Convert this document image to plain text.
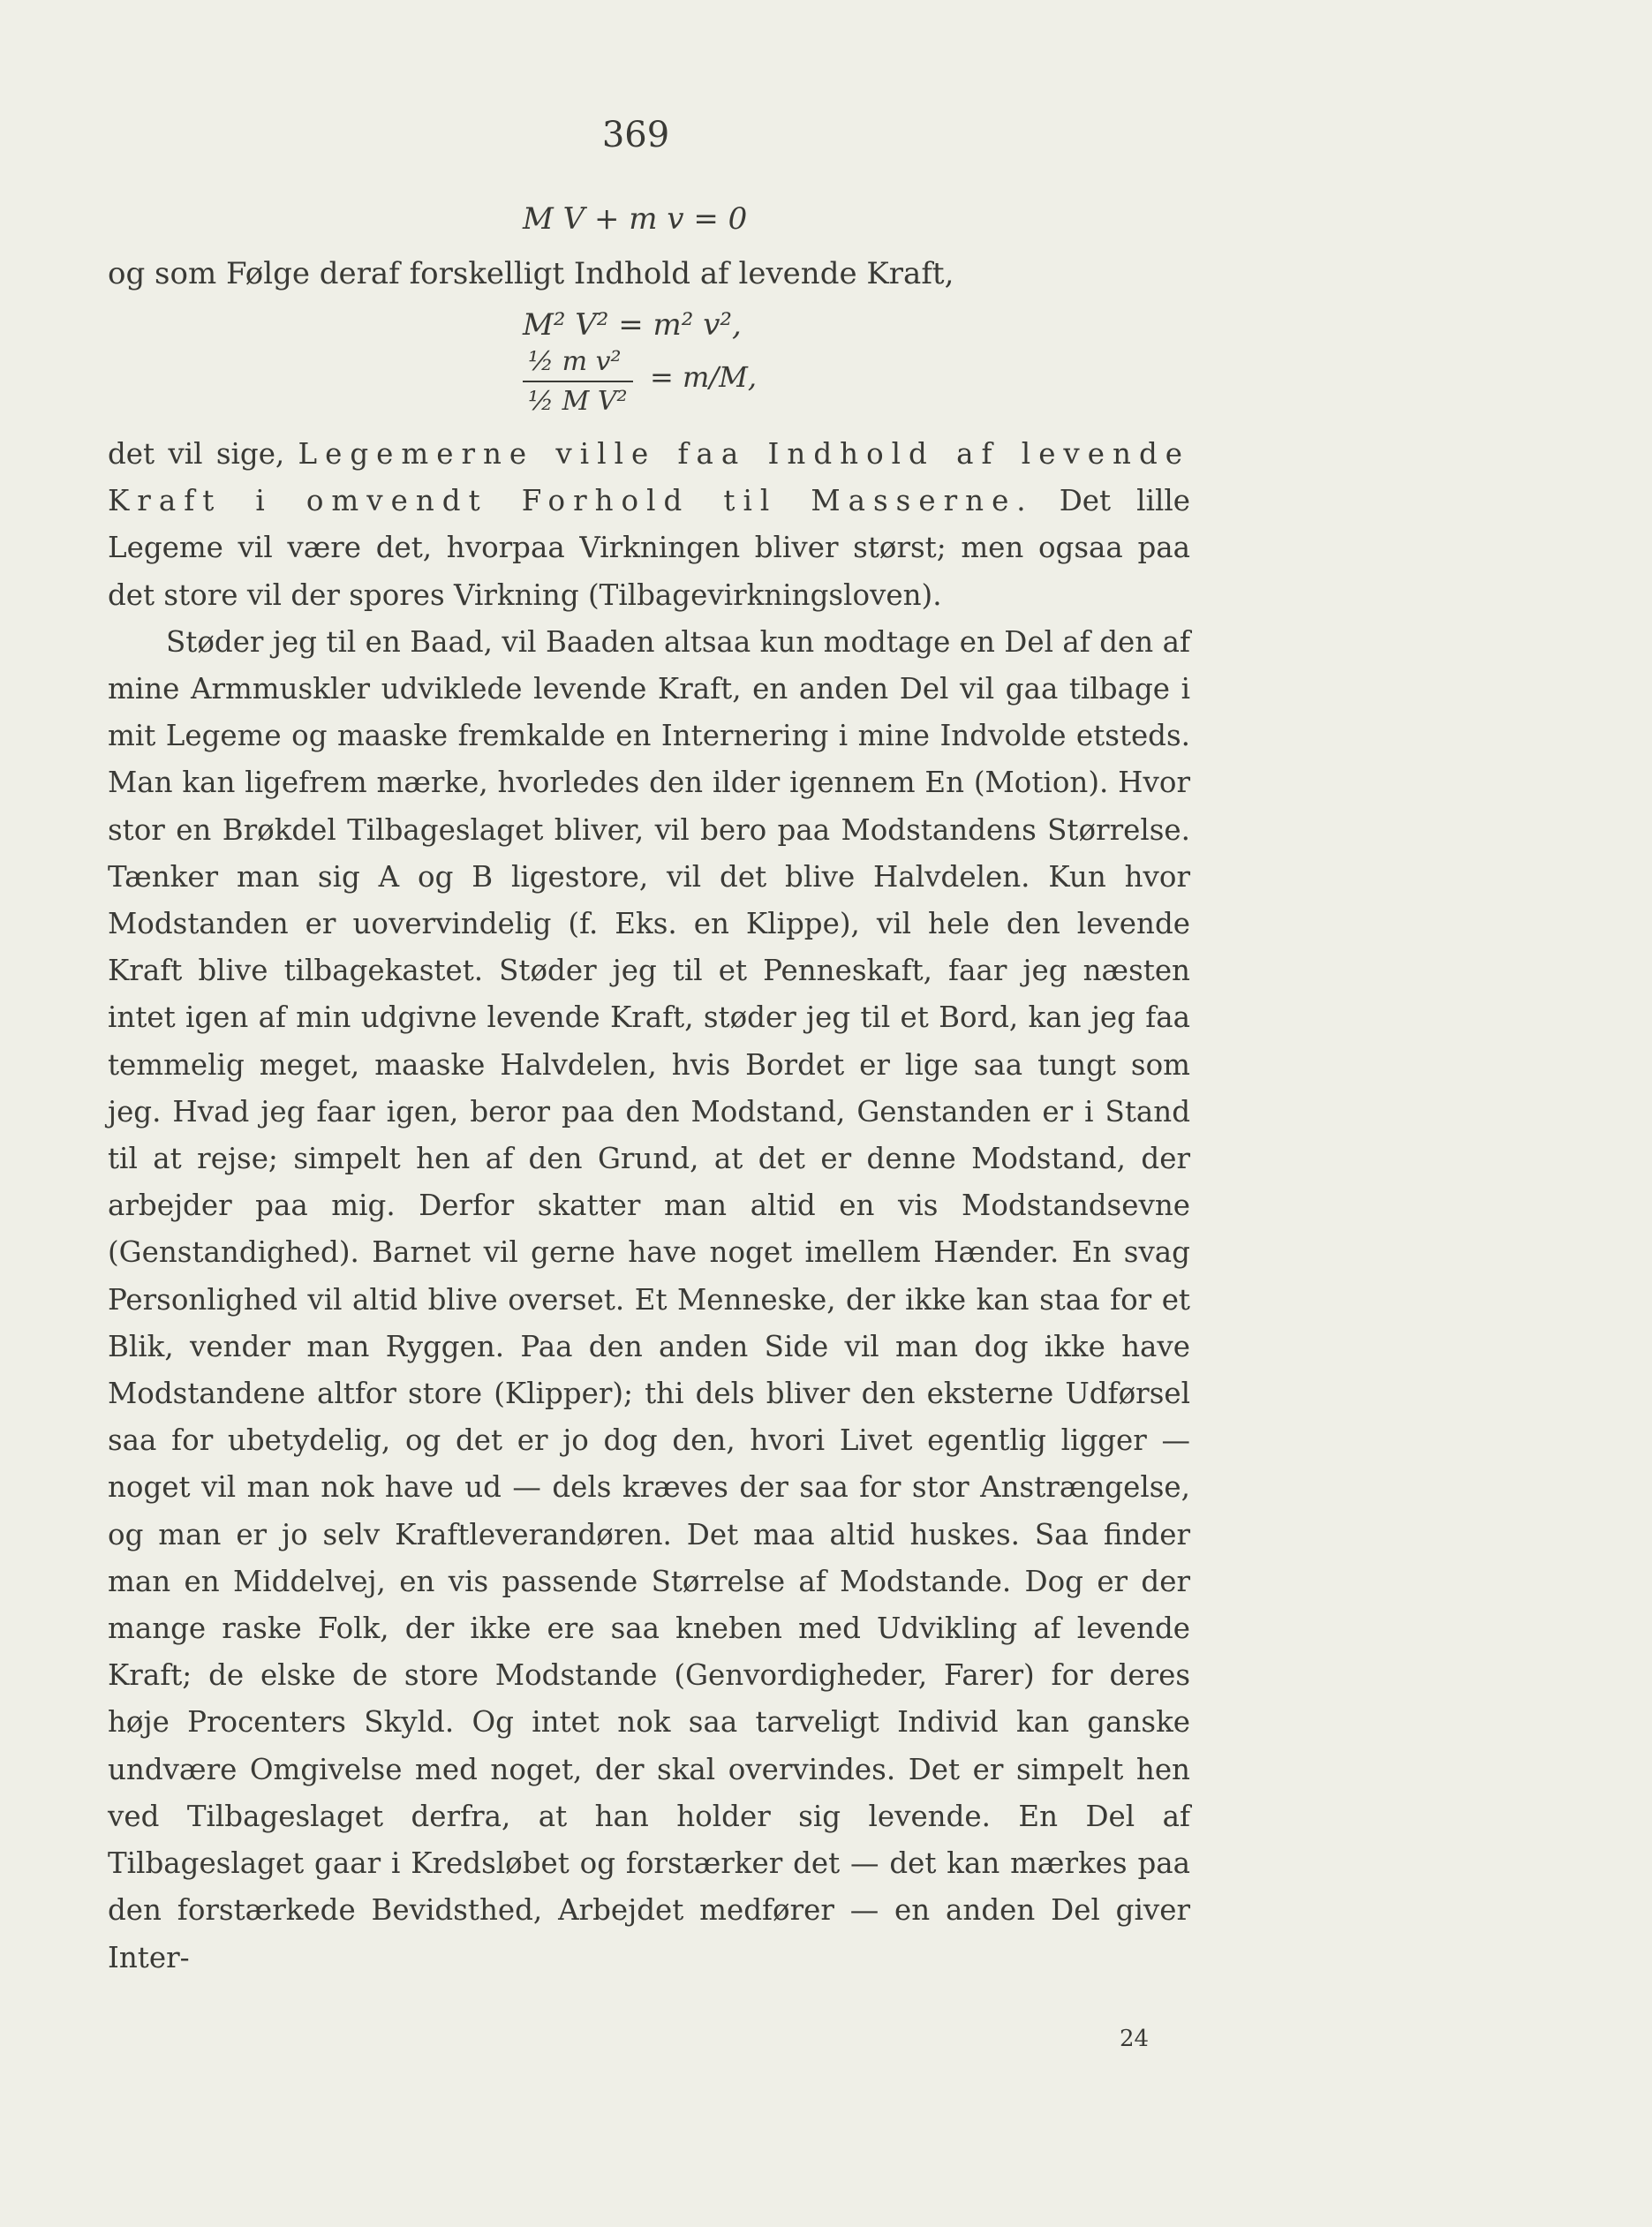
369
M V + m v = 0
og som Følge deraf forskelligt Indhold af levende Kraft,
M² V² = m² v²,
$\frac{\text{½ m v²}}{\text{½ M V²}} = m/M$,

det vil sige, Legemerne ville faa Indhold af levende Kraft i omvendt Forhold til Masserne. Det lille Legeme vil være det, hvorpaa Virkningen bliver størst; men ogsaa paa det store vil der spores Virkning (Tilbagevirkningsloven).

Støder jeg til en Baad, vil Baaden altsaa kun modtage en Del af den af mine Armmuskler udviklede levende Kraft, en anden Del vil gaa tilbage i mit Legeme og maaske fremkalde en Internering i mine Indvolde etsteds. Man kan ligefrem mærke, hvorledes den ilder igennem En (Motion). Hvor stor en Brøkdel Tilbageslaget bliver, vil bero paa Modstandens Størrelse. Tænker man sig A og B ligestore, vil det blive Halvdelen. Kun hvor Modstanden er uovervindelig (f. Eks. en Klippe), vil hele den levende Kraft blive tilbagekastet. Støder jeg til et Penneskaft, faar jeg næsten intet igen af min udgivne levende Kraft, støder jeg til et Bord, kan jeg faa temmelig meget, maaske Halvdelen, hvis Bordet er lige saa tungt som jeg. Hvad jeg faar igen, beror paa den Modstand, Genstanden er i Stand til at rejse; simpelt hen af den Grund, at det er denne Modstand, der arbejder paa mig. Derfor skatter man altid en vis Modstandsevne (Genstandighed). Barnet vil gerne have noget imellem Hænder. En svag Personlighed vil altid blive overset. Et Menneske, der ikke kan staa for et Blik, vender man Ryggen. Paa den anden Side vil man dog ikke have Modstandene altfor store (Klipper); thi dels bliver den eksterne Udførsel saa for ubetydelig, og det er jo dog den, hvori Livet egentlig ligger — noget vil man nok have ud — dels kræves der saa for stor Anstrængelse, og man er jo selv Kraftleverandøren. Det maa altid huskes. Saa finder man en Middelvej, en vis passende Størrelse af Modstande. Dog er der mange raske Folk, der ikke ere saa kneben med Udvikling af levende Kraft; de elske de store Modstande (Genvordigheder, Farer) for deres høje Procenters Skyld. Og intet nok saa tarveligt Individ kan ganske undvære Omgivelse med noget, der skal overvindes. Det er simpelt hen ved Tilbageslaget derfra, at han holder sig levende. En Del af Tilbageslaget gaar i Kredsløbet og forstærker det — det kan mærkes paa den forstærkede Bevidsthed, Arbejdet medfører — en anden Del giver Inter-

24
